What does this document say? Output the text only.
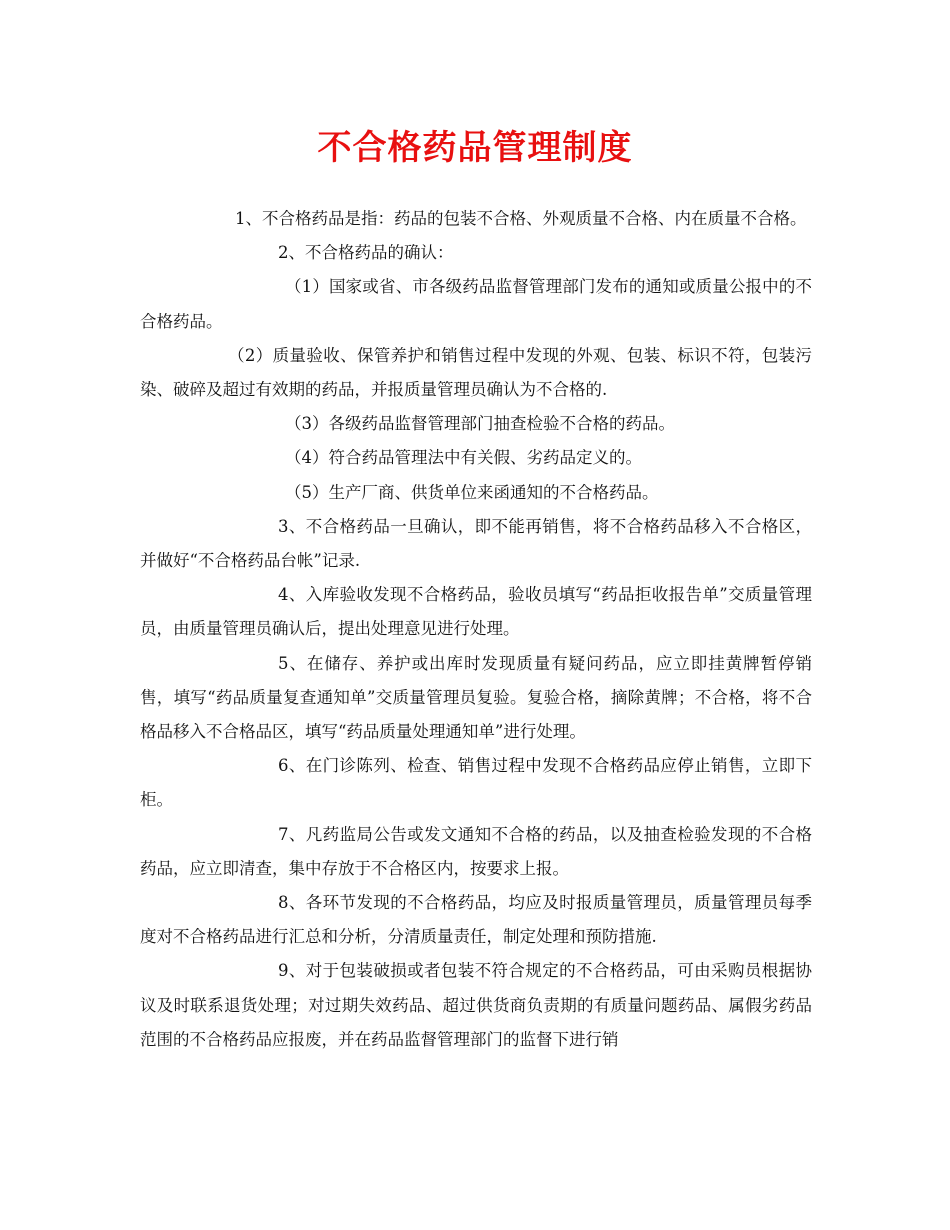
不合格药品管理制度

1、不合格药品是指：药品的包装不合格、外观质量不合格、内在质量不合格。

2、不合格药品的确认：

（1）国家或省、市各级药品监督管理部门发布的通知或质量公报中的不合格药品。

（2）质量验收、保管养护和销售过程中发现的外观、包装、标识不符，包装污染、破碎及超过有效期的药品，并报质量管理员确认为不合格的.

（3）各级药品监督管理部门抽查检验不合格的药品。

（4）符合药品管理法中有关假、劣药品定义的。

（5）生产厂商、供货单位来函通知的不合格药品。

3、不合格药品一旦确认，即不能再销售，将不合格药品移入不合格区，并做好“不合格药品台帐”记录.

4、入库验收发现不合格药品，验收员填写“药品拒收报告单”交质量管理员，由质量管理员确认后，提出处理意见进行处理。

5、在储存、养护或出库时发现质量有疑问药品，应立即挂黄牌暂停销售，填写“药品质量复查通知单”交质量管理员复验。复验合格，摘除黄牌；不合格，将不合格品移入不合格品区，填写“药品质量处理通知单”进行处理。

6、在门诊陈列、检查、销售过程中发现不合格药品应停止销售，立即下柜。

7、凡药监局公告或发文通知不合格的药品，以及抽查检验发现的不合格药品，应立即清查，集中存放于不合格区内，按要求上报。

8、各环节发现的不合格药品，均应及时报质量管理员，质量管理员每季度对不合格药品进行汇总和分析，分清质量责任，制定处理和预防措施.

9、对于包装破损或者包装不符合规定的不合格药品，可由采购员根据协议及时联系退货处理；对过期失效药品、超过供货商负责期的有质量问题药品、属假劣药品范围的不合格药品应报废，并在药品监督管理部门的监督下进行销
